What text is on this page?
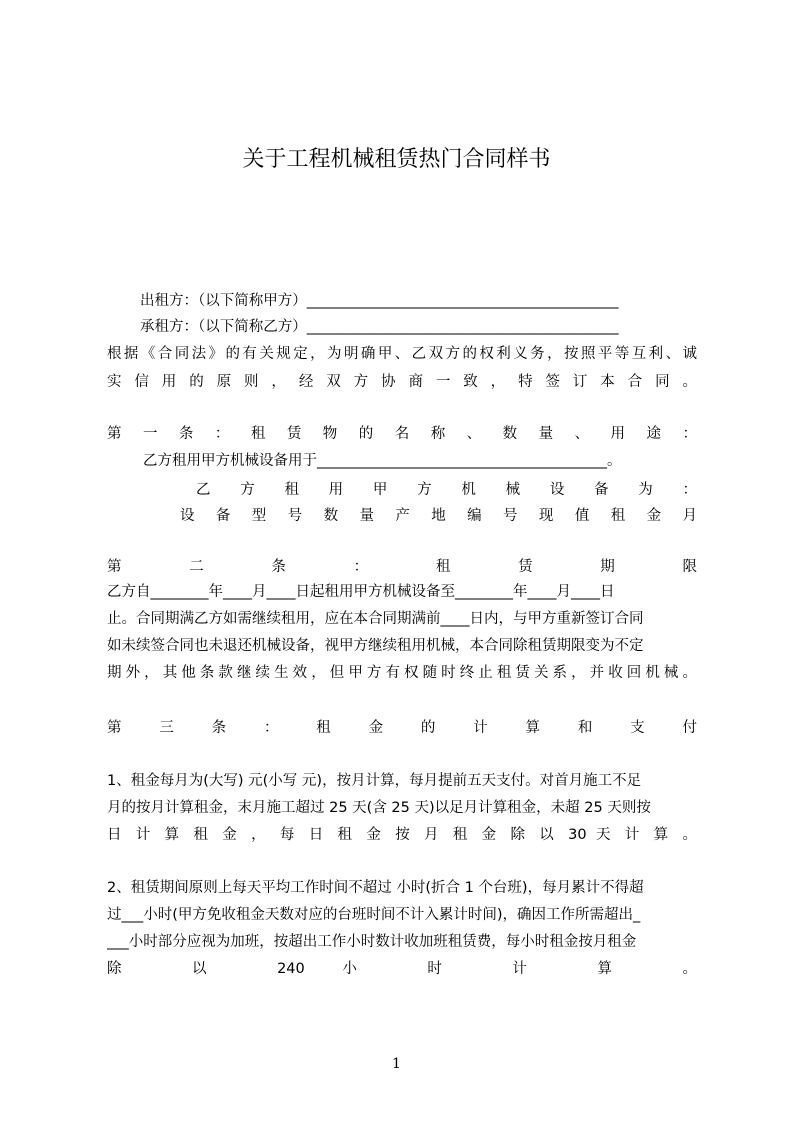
关于工程机械租赁热门合同样书
出租方：（以下简称甲方）___________________________________________
承租方：（以下简称乙方）___________________________________________
根据《合同法》的有关规定，为明确甲、乙双方的权利义务，按照平等互利、诚
实 信 用 的 原 则 ， 经 双 方 协 商 一 致 ， 特 签 订 本 合 同 。
第 一 条 ： 租 赁 物 的 名 称 、 数 量 、 用 途 ：
乙方租用甲方机械设备用于________________________________________。
乙 方 租 用 甲 方 机 械 设 备 为 ：
设 备 型 号 数 量 产 地 编 号 现 值 租 金 月
第 二 条 ： 租 赁 期 限
乙方自________年____月____日起租用甲方机械设备至________年____月____日
止。合同期满乙方如需继续租用，应在本合同期满前____日内，与甲方重新签订合同
如未续签合同也未退还机械设备，视甲方继续租用机械，本合同除租赁期限变为不定
期外，其他条款继续生效，但甲方有权随时终止租赁关系，并收回机械。
第 三 条 ： 租 金 的 计 算 和 支 付
1、租金每月为(大写) 元(小写 元)，按月计算，每月提前五天支付。对首月施工不足
月的按月计算租金，末月施工超过 25 天(含 25 天)以足月计算租金，未超 25 天则按
日 计 算 租 金 ， 每 日 租 金 按 月 租 金 除 以 30 天 计 算 。
2、租赁期间原则上每天平均工作时间不超过 小时(折合 1 个台班)，每月累计不得超
过___小时(甲方免收租金天数对应的台班时间不计入累计时间)，确因工作所需超出_
___小时部分应视为加班，按超出工作小时数计收加班租赁费，每小时租金按月租金
除 以 240 小 时 计 算 。
1
